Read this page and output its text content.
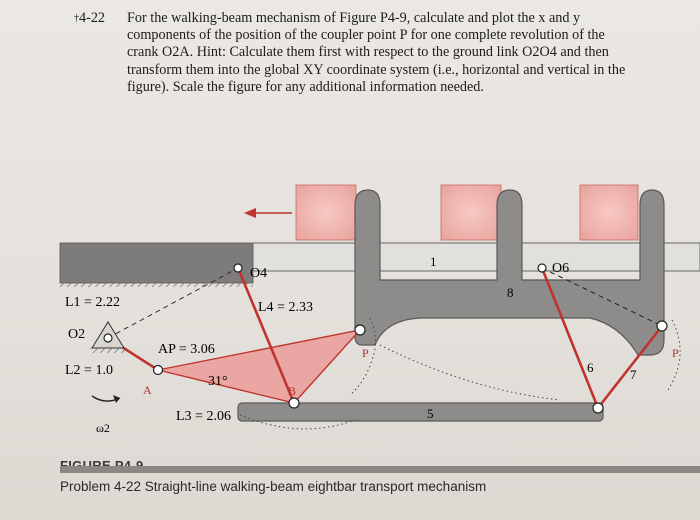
†4-22 For the walking-beam mechanism of Figure P4-9, calculate and plot the x and y
components of the position of the coupler point P for one complete revolution of the
crank O2A. Hint: Calculate them first with respect to the ground link O2O4 and then
transform them into the global XY coordinate system (i.e., horizontal and vertical in the
figure). Scale the figure for any additional information needed.
O4	O6
O2
ω2
L1 = 2.22	L4 = 2.33
L2 = 1.0
AP = 3.06
31°
L3 = 2.06
A	B
P	P
1
5
6	7
8
Problem 4-22 Straight-line walking-beam eightbar transport mechanism
